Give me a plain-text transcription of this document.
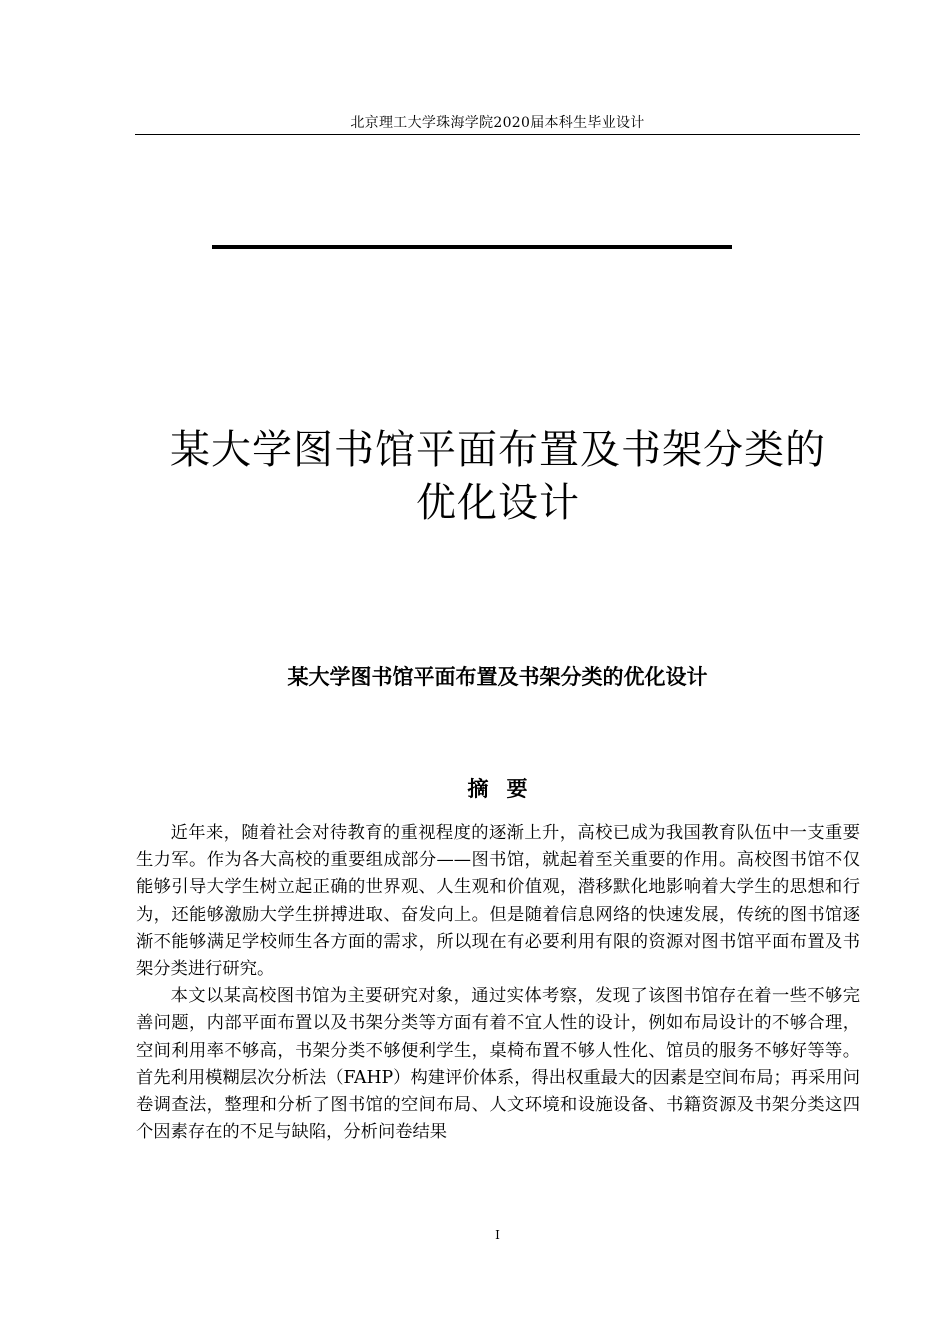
北京理工大学珠海学院2020届本科生毕业设计
某大学图书馆平面布置及书架分类的
优化设计
某大学图书馆平面布置及书架分类的优化设计
摘要

近年来，随着社会对待教育的重视程度的逐渐上升，高校已成为我国教育队伍中一支重要生力军。作为各大高校的重要组成部分——图书馆，就起着至关重要的作用。高校图书馆不仅能够引导大学生树立起正确的世界观、人生观和价值观，潜移默化地影响着大学生的思想和行为，还能够激励大学生拼搏进取、奋发向上。但是随着信息网络的快速发展，传统的图书馆逐渐不能够满足学校师生各方面的需求，所以现在有必要利用有限的资源对图书馆平面布置及书架分类进行研究。

本文以某高校图书馆为主要研究对象，通过实体考察，发现了该图书馆存在着一些不够完善问题，内部平面布置以及书架分类等方面有着不宜人性的设计，例如布局设计的不够合理，空间利用率不够高，书架分类不够便利学生，桌椅布置不够人性化、馆员的服务不够好等等。首先利用模糊层次分析法（FAHP）构建评价体系，得出权重最大的因素是空间布局；再采用问卷调查法，整理和分析了图书馆的空间布局、人文环境和设施设备、书籍资源及书架分类这四个因素存在的不足与缺陷，分析问卷结果

I
